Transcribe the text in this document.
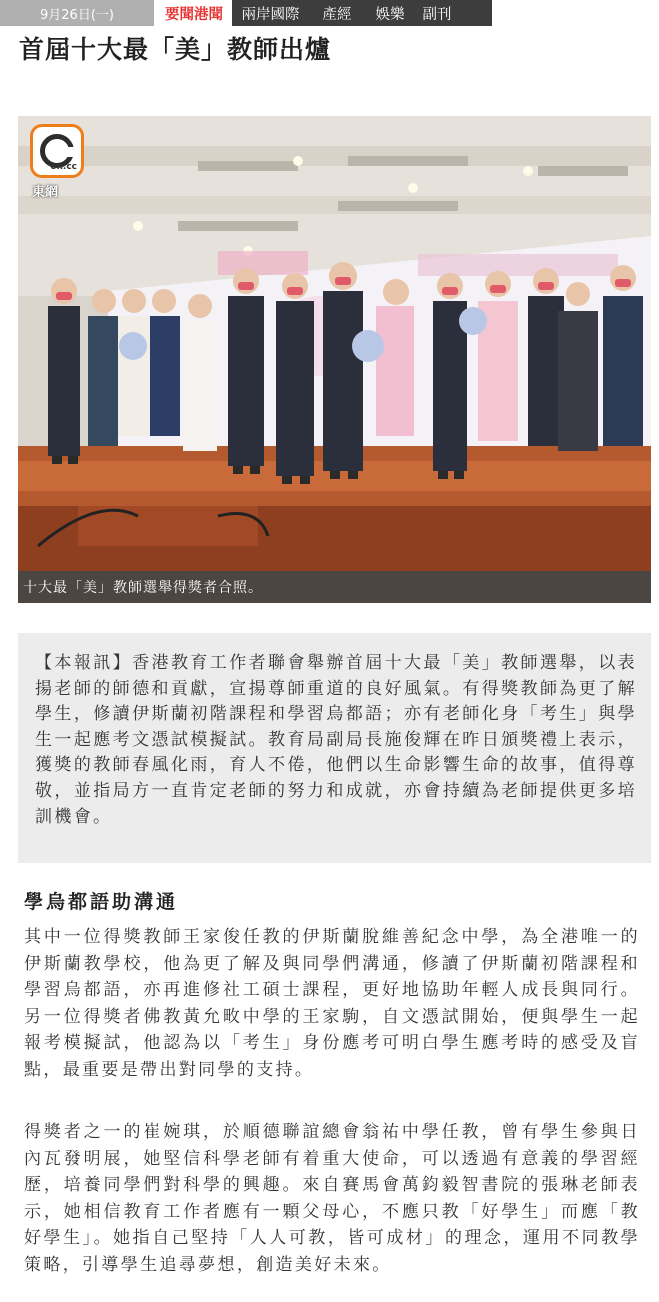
9月26日(一)	要聞港聞	兩岸國際	產經	娛樂	副刊
首屆十大最「美」教師出爐
on.cc
東網
十大最「美」教師選舉得獎者合照。

【本報訊】香港教育工作者聯會舉辦首屆十大最「美」教師選舉，以表揚老師的師德和貢獻，宣揚尊師重道的良好風氣。有得獎教師為更了解學生，修讀伊斯蘭初階課程和學習烏都語；亦有老師化身「考生」與學生一起應考文憑試模擬試。教育局副局長施俊輝在昨日頒獎禮上表示，獲獎的教師春風化雨，育人不倦，他們以生命影響生命的故事，值得尊敬，並指局方一直肯定老師的努力和成就，亦會持續為老師提供更多培訓機會。

學烏都語助溝通

其中一位得獎教師王家俊任教的伊斯蘭脫維善紀念中學，為全港唯一的伊斯蘭教學校，他為更了解及與同學們溝通，修讀了伊斯蘭初階課程和學習烏都語，亦再進修社工碩士課程，更好地協助年輕人成長與同行。另一位得獎者佛教黃允畋中學的王家駒，自文憑試開始，便與學生一起報考模擬試，他認為以「考生」身份應考可明白學生應考時的感受及盲點，最重要是帶出對同學的支持。

得獎者之一的崔婉琪，於順德聯誼總會翁祐中學任教，曾有學生參與日內瓦發明展，她堅信科學老師有着重大使命，可以透過有意義的學習經歷，培養同學們對科學的興趣。來自賽馬會萬鈞毅智書院的張琳老師表示，她相信教育工作者應有一顆父母心，不應只教「好學生」而應「教好學生」。她指自己堅持「人人可教，皆可成材」的理念，運用不同教學策略，引導學生追尋夢想，創造美好未來。
